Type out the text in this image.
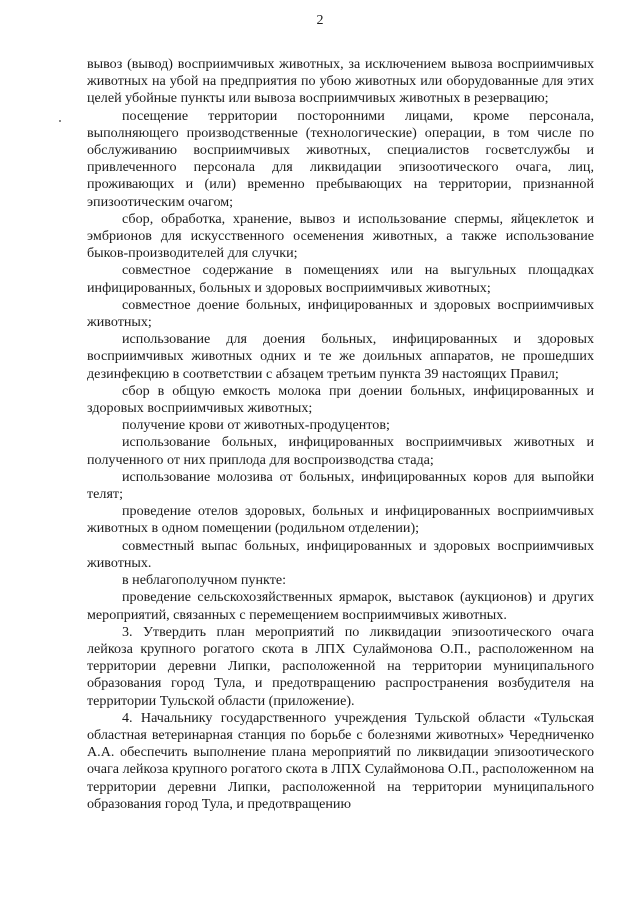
2

вывоз (вывод) восприимчивых животных, за исключением вывоза восприимчивых животных на убой на предприятия по убою животных или оборудованные для этих целей убойные пункты или вывоза восприимчивых животных в резервацию;

посещение территории посторонними лицами, кроме персонала, выполняющего производственные (технологические) операции, в том числе по обслуживанию восприимчивых животных, специалистов госветслужбы и привлеченного персонала для ликвидации эпизоотического очага, лиц, проживающих и (или) временно пребывающих на территории, признанной эпизоотическим очагом;

сбор, обработка, хранение, вывоз и использование спермы, яйцеклеток и эмбрионов для искусственного осеменения животных, а также использование быков-производителей для случки;

совместное содержание в помещениях или на выгульных площадках инфицированных, больных и здоровых восприимчивых животных;

совместное доение больных, инфицированных и здоровых восприимчивых животных;

использование для доения больных, инфицированных и здоровых восприимчивых животных одних и те же доильных аппаратов, не прошедших дезинфекцию в соответствии с абзацем третьим пункта 39 настоящих Правил;

сбор в общую емкость молока при доении больных, инфицированных и здоровых восприимчивых животных;

получение крови от животных-продуцентов;

использование больных, инфицированных восприимчивых животных и полученного от них приплода для воспроизводства стада;

использование молозива от больных, инфицированных коров для выпойки телят;

проведение отелов здоровых, больных и инфицированных восприимчивых животных в одном помещении (родильном отделении);

совместный выпас больных, инфицированных и здоровых восприимчивых животных.

в неблагополучном пункте:

проведение сельскохозяйственных ярмарок, выставок (аукционов) и других мероприятий, связанных с перемещением восприимчивых животных.

3. Утвердить план мероприятий по ликвидации эпизоотического очага лейкоза крупного рогатого скота в ЛПХ Сулаймонова О.П., расположенном на территории деревни Липки, расположенной на территории муниципального образования город Тула, и предотвращению распространения возбудителя на территории Тульской области (приложение).

4. Начальнику государственного учреждения Тульской области «Тульская областная ветеринарная станция по борьбе с болезнями животных» Чередниченко А.А. обеспечить выполнение плана мероприятий по ликвидации эпизоотического очага лейкоза крупного рогатого скота в ЛПХ Сулаймонова О.П., расположенном на территории деревни Липки, расположенной на территории муниципального образования город Тула, и предотвращению
